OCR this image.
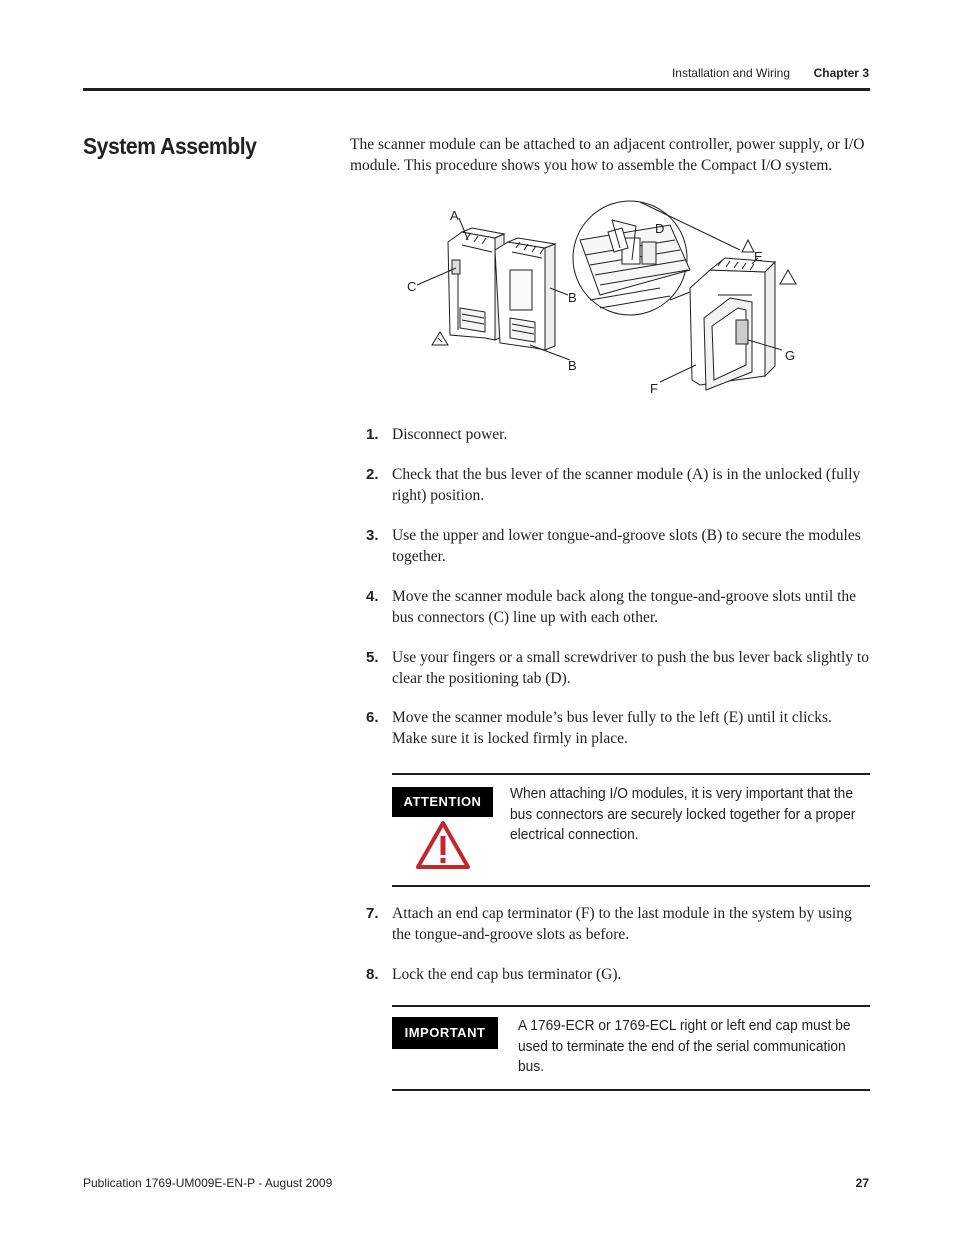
Installation and Wiring Chapter 3
System Assembly	The scanner module can be attached to an adjacent controller, power supply, or I/O module. This procedure shows you how to assemble the Compact I/O system.
A
B
B
C
D
E
F
G
1. Disconnect power.
2. Check that the bus lever of the scanner module (A) is in the unlocked (fully right) position.
3. Use the upper and lower tongue-and-groove slots (B) to secure the modules together.
4. Move the scanner module back along the tongue-and-groove slots until the bus connectors (C) line up with each other.
5. Use your fingers or a small screwdriver to push the bus lever back slightly to clear the positioning tab (D).
6. Move the scanner module’s bus lever fully to the left (E) until it clicks. Make sure it is locked firmly in place.
ATTENTION	When attaching I/O modules, it is very important that the bus connectors are securely locked together for a proper electrical connection.
7. Attach an end cap terminator (F) to the last module in the system by using the tongue-and-groove slots as before.
8. Lock the end cap bus terminator (G).
IMPORTANT	A 1769-ECR or 1769-ECL right or left end cap must be used to terminate the end of the serial communication bus.
Publication 1769-UM009E-EN-P - August 2009	27
